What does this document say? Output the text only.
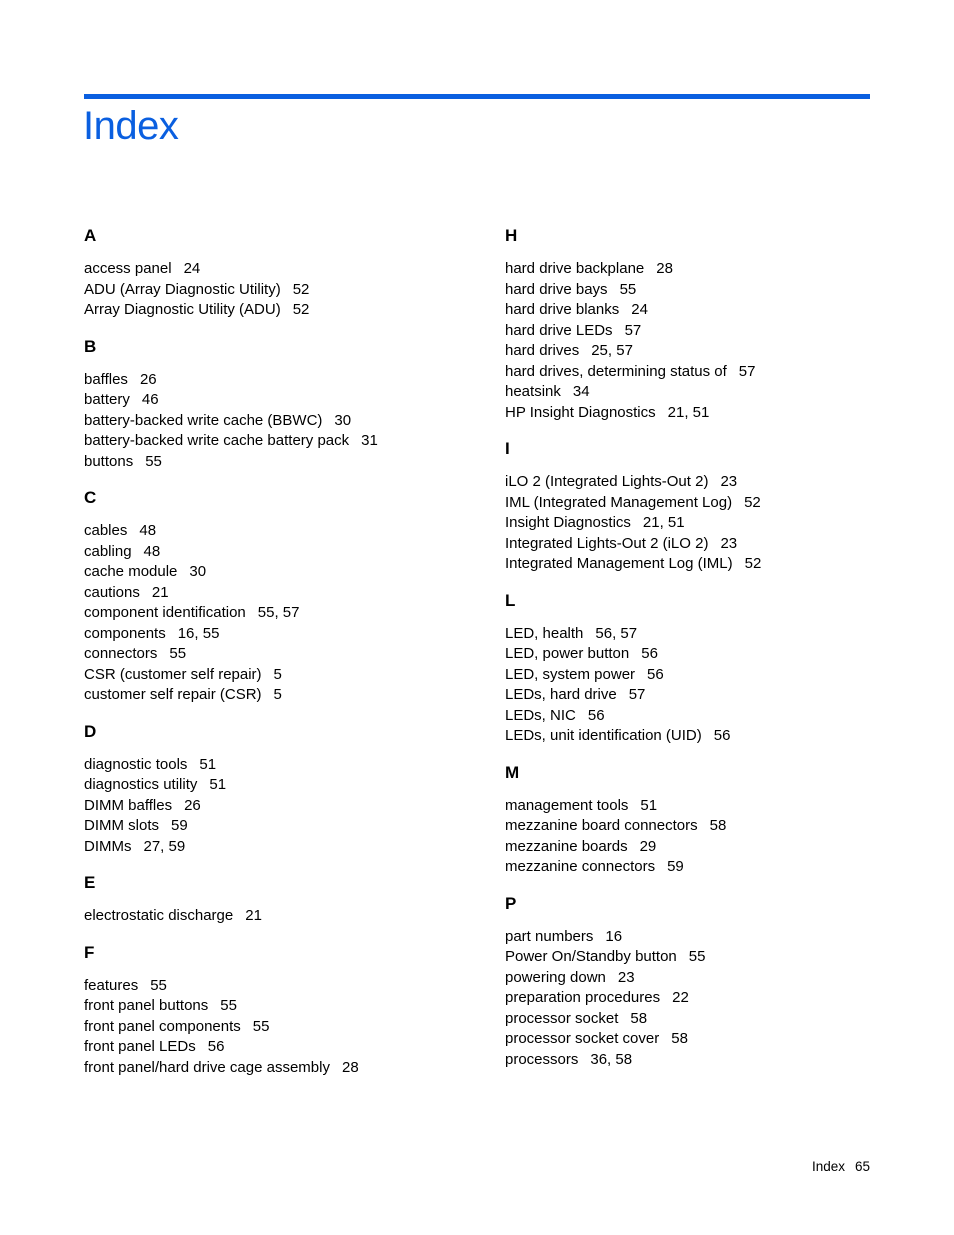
Index
A
access panel 24
ADU (Array Diagnostic Utility) 52
Array Diagnostic Utility (ADU) 52
B
baffles 26
battery 46
battery-backed write cache (BBWC) 30
battery-backed write cache battery pack 31
buttons 55
C
cables 48
cabling 48
cache module 30
cautions 21
component identification 55, 57
components 16, 55
connectors 55
CSR (customer self repair) 5
customer self repair (CSR) 5
D
diagnostic tools 51
diagnostics utility 51
DIMM baffles 26
DIMM slots 59
DIMMs 27, 59
E
electrostatic discharge 21
F
features 55
front panel buttons 55
front panel components 55
front panel LEDs 56
front panel/hard drive cage assembly 28
H
hard drive backplane 28
hard drive bays 55
hard drive blanks 24
hard drive LEDs 57
hard drives 25, 57
hard drives, determining status of 57
heatsink 34
HP Insight Diagnostics 21, 51
I
iLO 2 (Integrated Lights-Out 2) 23
IML (Integrated Management Log) 52
Insight Diagnostics 21, 51
Integrated Lights-Out 2 (iLO 2) 23
Integrated Management Log (IML) 52
L
LED, health 56, 57
LED, power button 56
LED, system power 56
LEDs, hard drive 57
LEDs, NIC 56
LEDs, unit identification (UID) 56
M
management tools 51
mezzanine board connectors 58
mezzanine boards 29
mezzanine connectors 59
P
part numbers 16
Power On/Standby button 55
powering down 23
preparation procedures 22
processor socket 58
processor socket cover 58
processors 36, 58
Index 65
